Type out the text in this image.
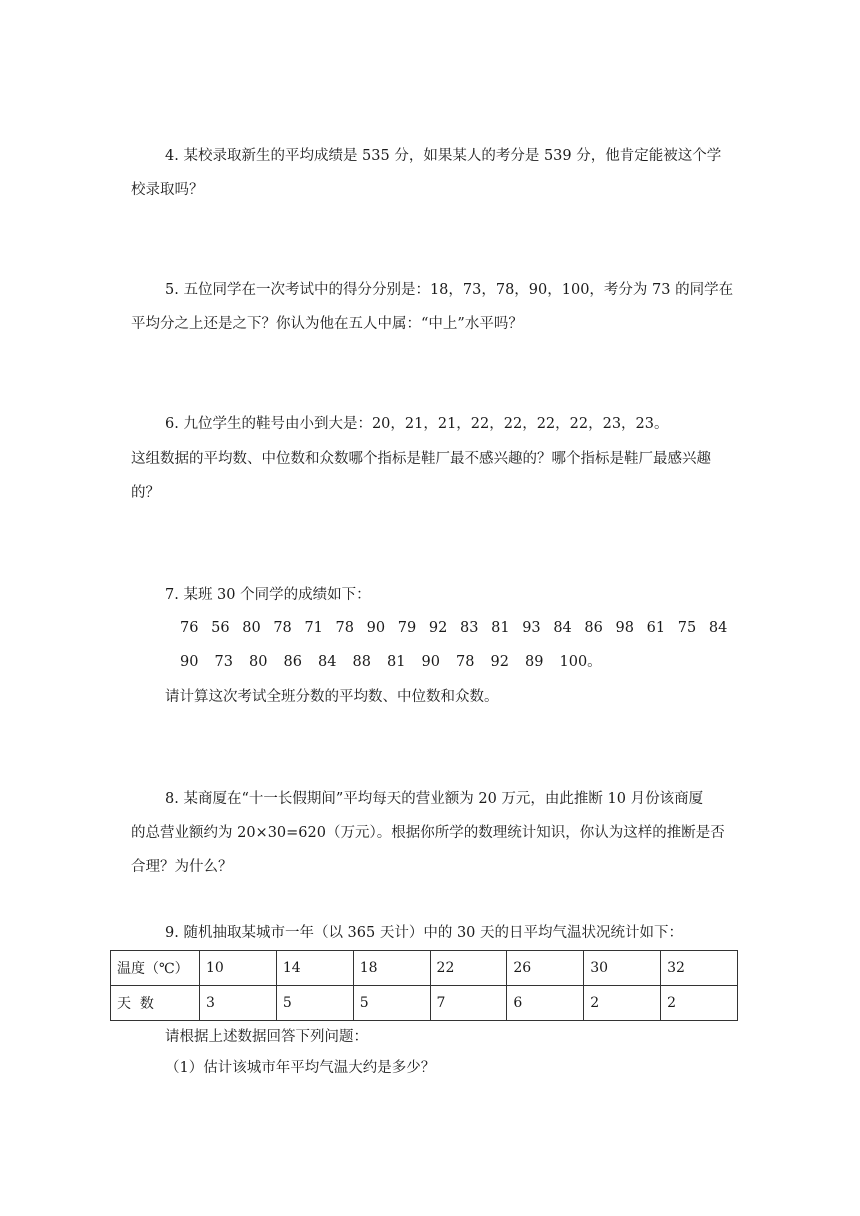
4. 某校录取新生的平均成绩是 535 分，如果某人的考分是 539 分，他肯定能被这个学
校录取吗？
5. 五位同学在一次考试中的得分分别是：18，73，78，90，100，考分为 73 的同学在
平均分之上还是之下？你认为他在五人中属：“中上”水平吗？
6. 九位学生的鞋号由小到大是：20，21，21，22，22，22，22，23，23。
这组数据的平均数、中位数和众数哪个指标是鞋厂最不感兴趣的？哪个指标是鞋厂最感兴趣
的？
7. 某班 30 个同学的成绩如下：
76 56 80 78 71 78 90 79 92 83 81 93 84 86 98 61 75 84
90	73	80	86	84	88	81	90	78	92	89	100。
请计算这次考试全班分数的平均数、中位数和众数。
8. 某商厦在“十一长假期间”平均每天的营业额为 20 万元，由此推断 10 月份该商厦
的总营业额约为 20×30=620（万元）。根据你所学的数理统计知识，你认为这样的推断是否
合理？为什么？
9. 随机抽取某城市一年（以 365 天计）中的 30 天的日平均气温状况统计如下：
温度（℃）	10	14	18	22	26	30	32
天  数	3	5	5	7	6	2	2
请根据上述数据回答下列问题：
（1）估计该城市年平均气温大约是多少？
